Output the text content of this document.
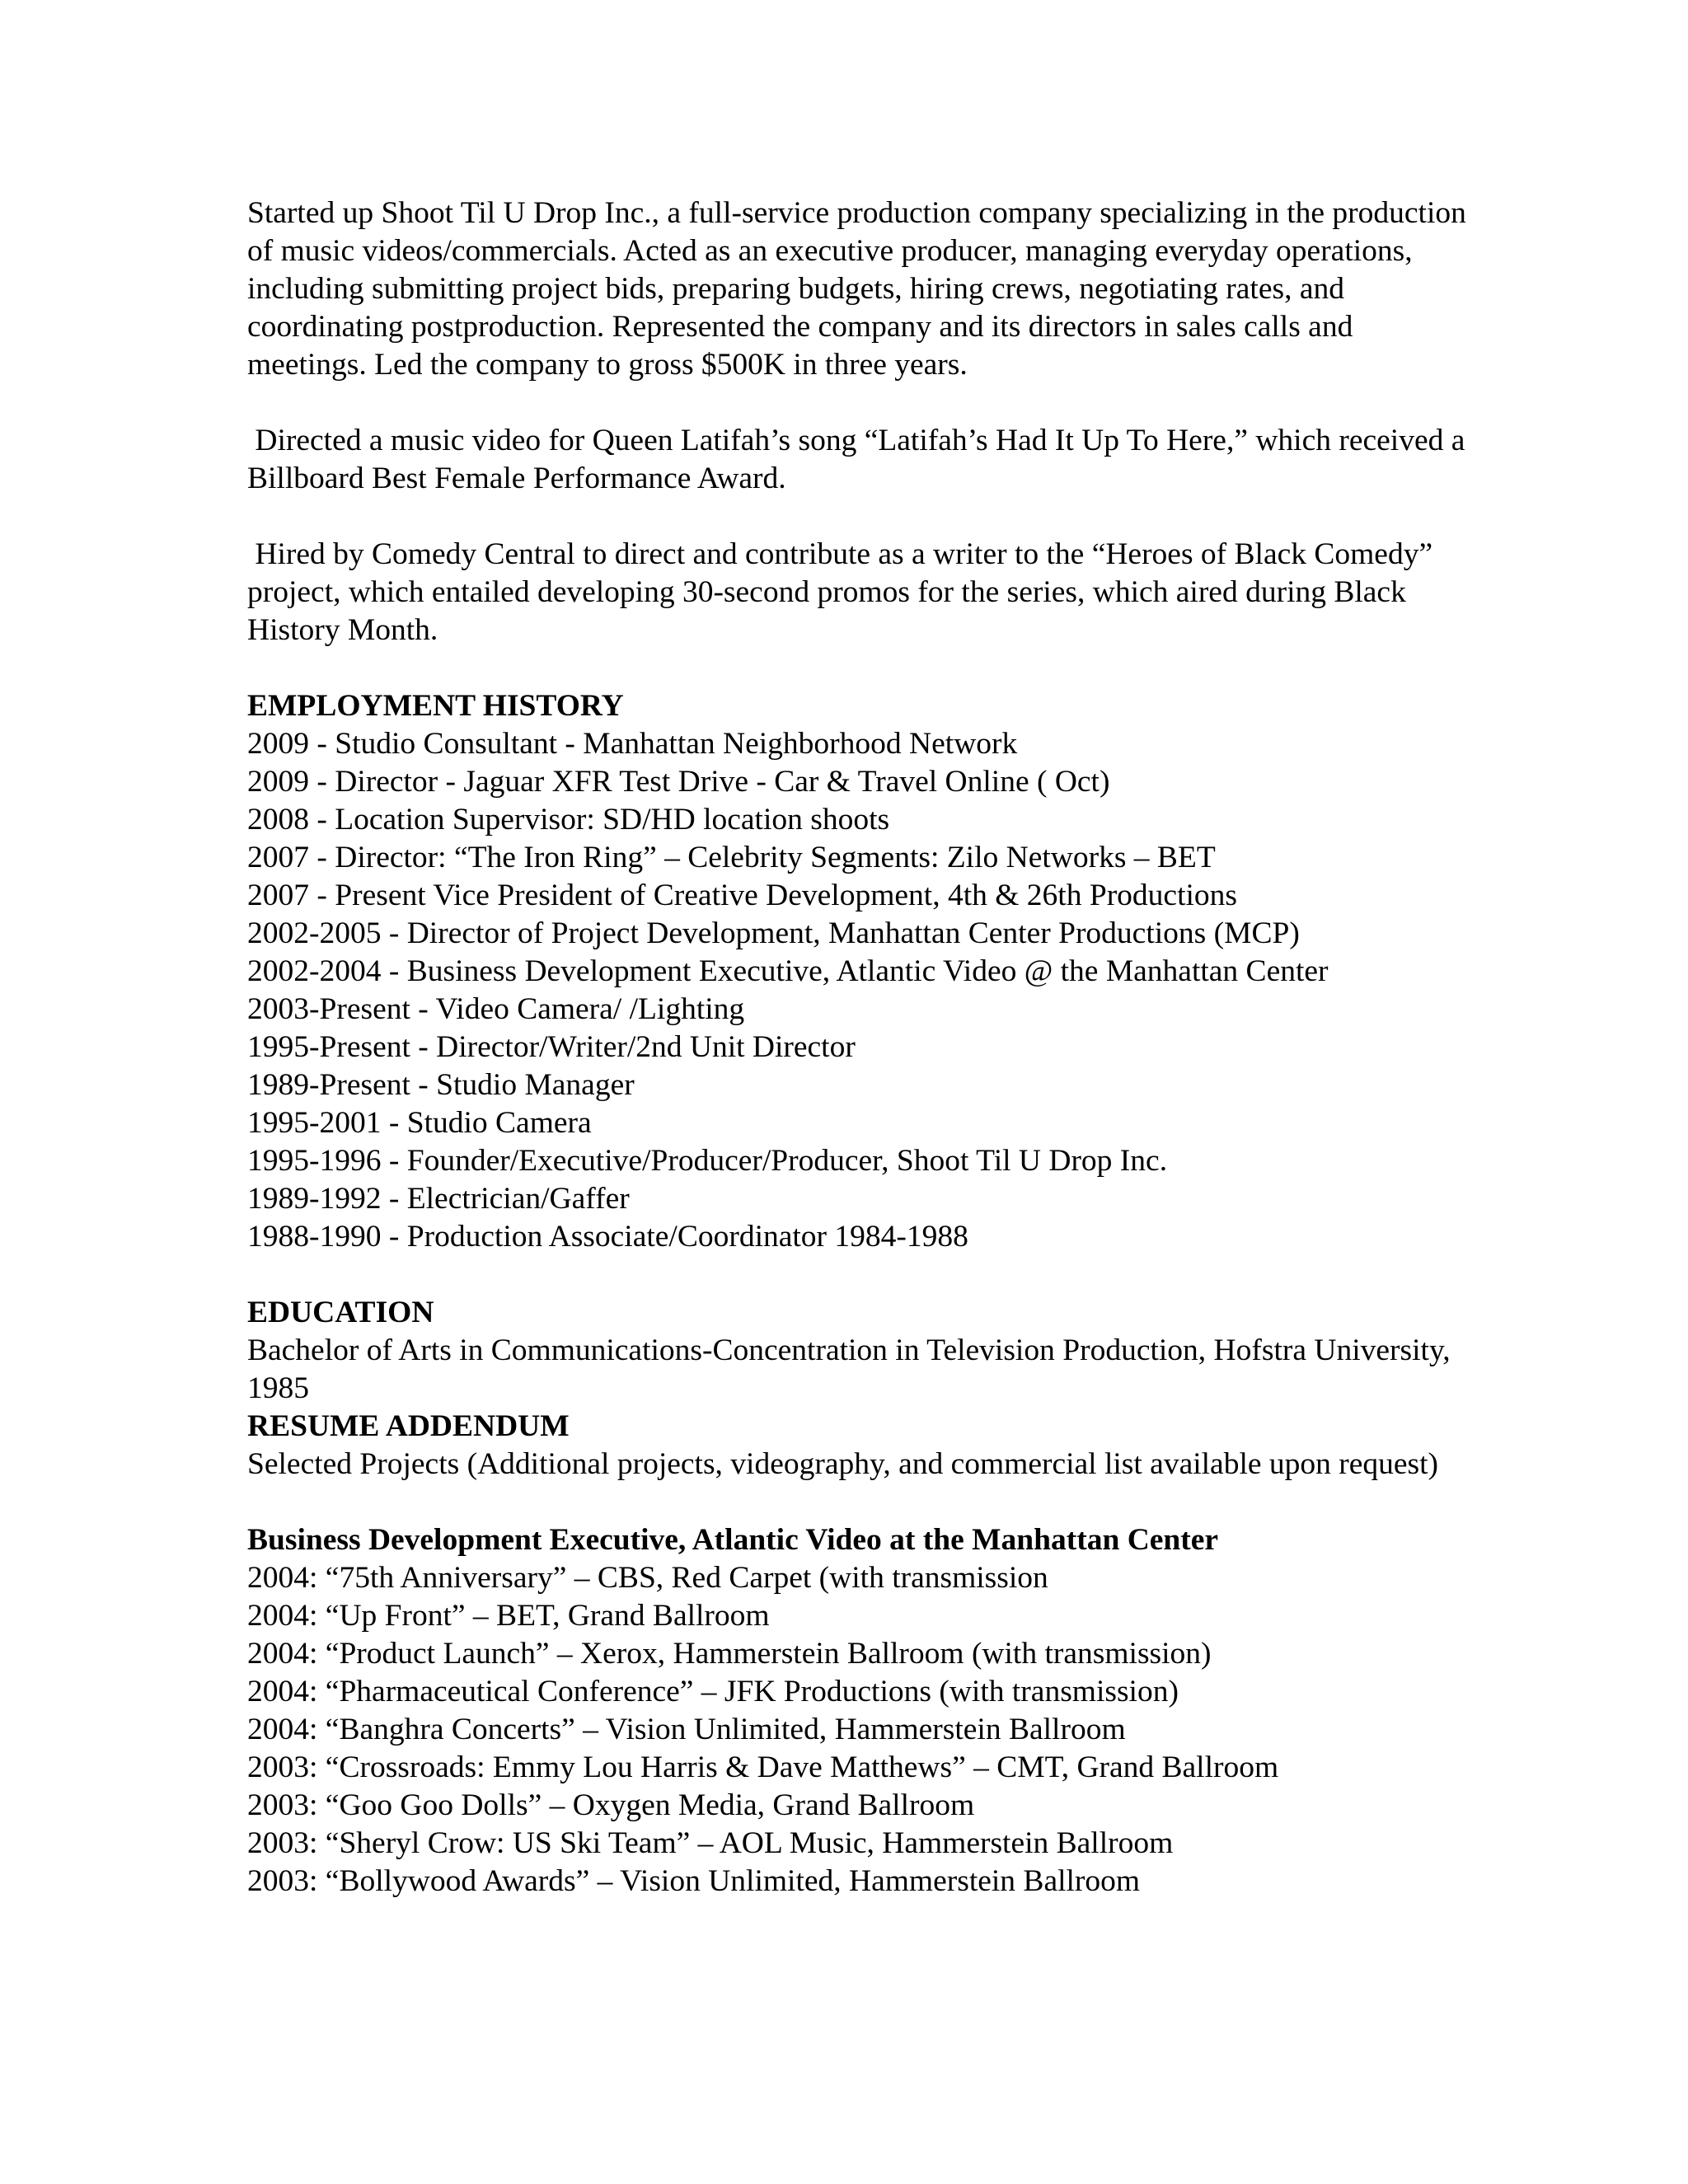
Started up Shoot Til U Drop Inc., a full-service production company specializing in the production of music videos/commercials. Acted as an executive producer, managing everyday operations, including submitting project bids, preparing budgets, hiring crews, negotiating rates, and coordinating postproduction. Represented the company and its directors in sales calls and meetings. Led the company to gross $500K in three years.

Directed a music video for Queen Latifah’s song “Latifah’s Had It Up To Here,” which received a Billboard Best Female Performance Award.

Hired by Comedy Central to direct and contribute as a writer to the “Heroes of Black Comedy” project, which entailed developing 30-second promos for the series, which aired during Black History Month.

EMPLOYMENT HISTORY

2009 - Studio Consultant - Manhattan Neighborhood Network

2009 - Director - Jaguar XFR Test Drive - Car & Travel Online ( Oct)

2008 - Location Supervisor: SD/HD location shoots

2007 - Director: “The Iron Ring” – Celebrity Segments: Zilo Networks – BET

2007 - Present Vice President of Creative Development, 4th & 26th Productions

2002-2005 - Director of Project Development, Manhattan Center Productions (MCP)

2002-2004 - Business Development Executive, Atlantic Video @ the Manhattan Center

2003-Present - Video Camera/ /Lighting

1995-Present - Director/Writer/2nd Unit Director

1989-Present - Studio Manager

1995-2001 - Studio Camera

1995-1996 - Founder/Executive/Producer/Producer, Shoot Til U Drop Inc.

1989-1992 - Electrician/Gaffer

1988-1990 - Production Associate/Coordinator 1984-1988

EDUCATION

Bachelor of Arts in Communications-Concentration in Television Production, Hofstra University, 1985

RESUME ADDENDUM

Selected Projects (Additional projects, videography, and commercial list available upon request)

Business Development Executive, Atlantic Video at the Manhattan Center

2004: “75th Anniversary” – CBS, Red Carpet (with transmission

2004: “Up Front” – BET, Grand Ballroom

2004: “Product Launch” – Xerox, Hammerstein Ballroom (with transmission)

2004: “Pharmaceutical Conference” – JFK Productions (with transmission)

2004: “Banghra Concerts” – Vision Unlimited, Hammerstein Ballroom

2003: “Crossroads: Emmy Lou Harris & Dave Matthews” – CMT, Grand Ballroom

2003: “Goo Goo Dolls” – Oxygen Media, Grand Ballroom

2003: “Sheryl Crow: US Ski Team” – AOL Music, Hammerstein Ballroom

2003: “Bollywood Awards” – Vision Unlimited, Hammerstein Ballroom
